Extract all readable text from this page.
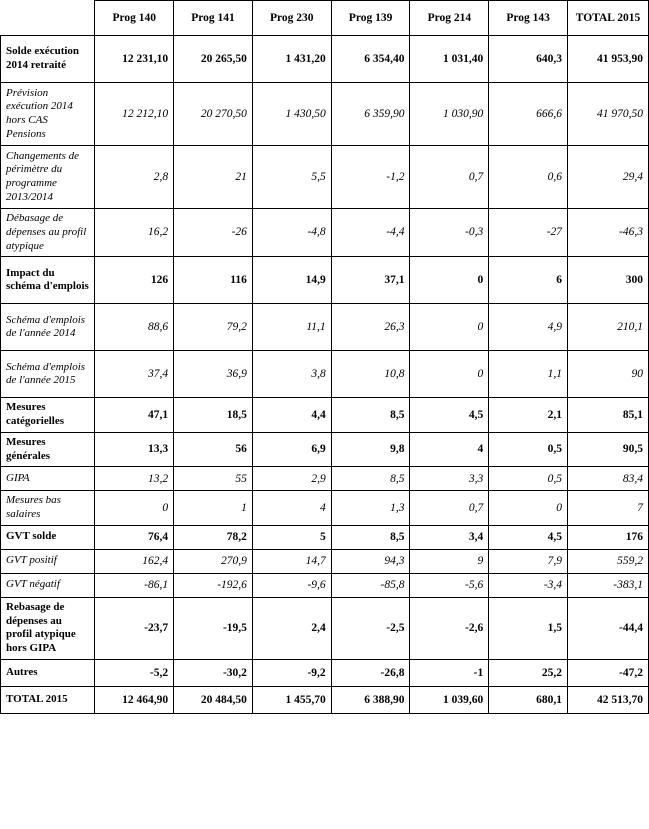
	Prog 140	Prog 141	Prog 230	Prog 139	Prog 214	Prog 143	TOTAL 2015
Solde exécution 2014 retraité	12 231,10	20 265,50	1 431,20	6 354,40	1 031,40	640,3	41 953,90
Prévision exécution 2014 hors CAS Pensions	12 212,10	20 270,50	1 430,50	6 359,90	1 030,90	666,6	41 970,50
Changements de périmètre du programme 2013/2014	2,8	21	5,5	-1,2	0,7	0,6	29,4
Débasage de dépenses au profil atypique	16,2	-26	-4,8	-4,4	-0,3	-27	-46,3
Impact du schéma d'emplois	126	116	14,9	37,1	0	6	300
Schéma d'emplois de l'année 2014	88,6	79,2	11,1	26,3	0	4,9	210,1
Schéma d'emplois de l'année 2015	37,4	36,9	3,8	10,8	0	1,1	90
Mesures catégorielles	47,1	18,5	4,4	8,5	4,5	2,1	85,1
Mesures générales	13,3	56	6,9	9,8	4	0,5	90,5
GIPA	13,2	55	2,9	8,5	3,3	0,5	83,4
Mesures bas salaires	0	1	4	1,3	0,7	0	7
GVT solde	76,4	78,2	5	8,5	3,4	4,5	176
GVT positif	162,4	270,9	14,7	94,3	9	7,9	559,2
GVT négatif	-86,1	-192,6	-9,6	-85,8	-5,6	-3,4	-383,1
Rebasage de dépenses au profil atypique hors GIPA	-23,7	-19,5	2,4	-2,5	-2,6	1,5	-44,4
Autres	-5,2	-30,2	-9,2	-26,8	-1	25,2	-47,2
TOTAL 2015	12 464,90	20 484,50	1 455,70	6 388,90	1 039,60	680,1	42 513,70
